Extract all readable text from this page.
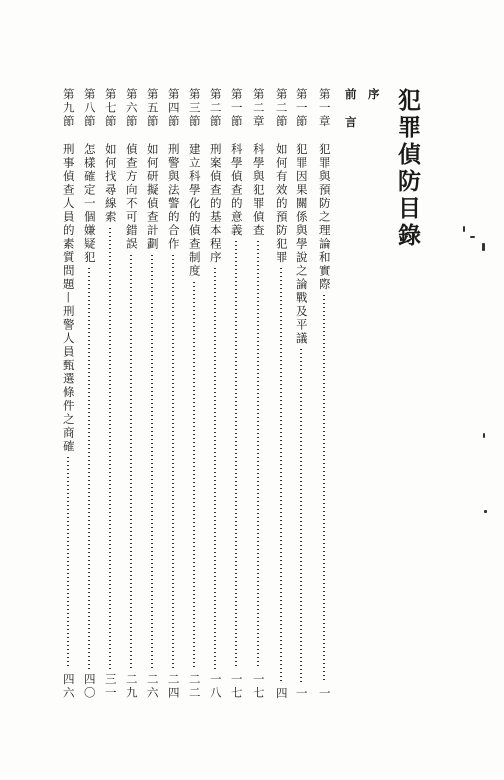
犯罪偵防目錄
序
前
言
第一章
犯罪與預防之理論和實際
一
第一節
犯罪因果關係與學說之論戰及平議
一
第二節
如何有效的預防犯罪
四
第二章
科學與犯罪偵查
一七
第一節
科學偵查的意義
一七
第二節
刑案偵查的基本程序
一八
第三節
建立科學化的偵查制度
二二
第四節
刑警與法警的合作
二四
第五節
如何研擬偵查計劃
二六
第六節
偵查方向不可錯誤
二九
第七節
如何找尋線索
三一
第八節
怎樣確定一個嫌疑犯
四〇
第九節
刑事偵查人員的素質問題—刑警人員甄選條件之商確
四六
